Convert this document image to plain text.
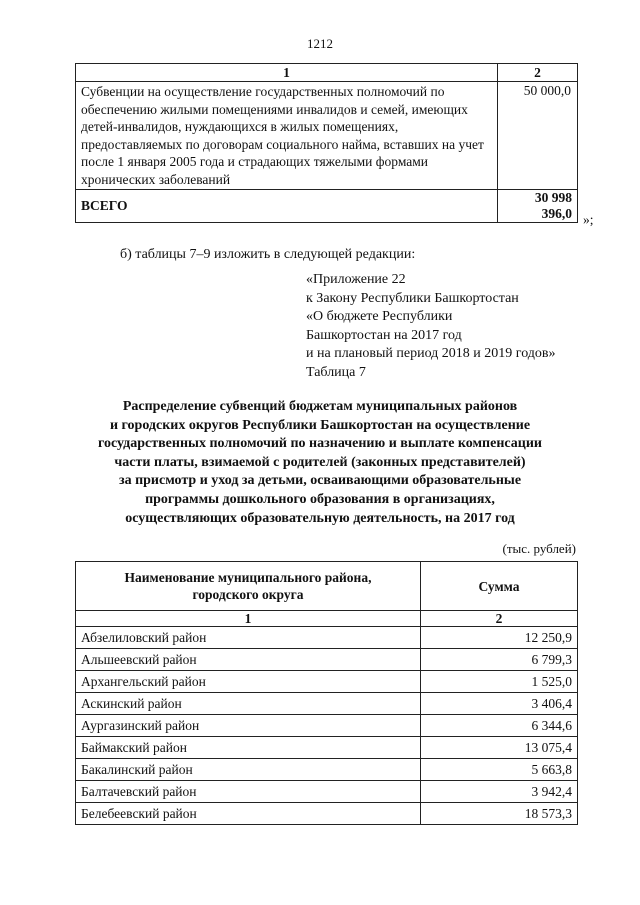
1212
1	2
Субвенции на осуществление государственных полномочий по обеспечению жилыми помещениями инвалидов и семей, имеющих детей-инвалидов, нуждающихся в жилых помещениях, предоставляемых по договорам социального найма, вставших на учет после 1 января 2005 года и страдающих тяжелыми формами хронических заболеваний	50 000,0
ВСЕГО	30 998 396,0 »;
б) таблицы 7–9 изложить в следующей редакции:
«Приложение 22
к Закону Республики Башкортостан
«О бюджете Республики
Башкортостан на 2017 год
и на плановый период 2018 и 2019 годов»
Таблица 7
Распределение субвенций бюджетам муниципальных районов
и городских округов Республики Башкортостан на осуществление
государственных полномочий по назначению и выплате компенсации
части платы, взимаемой с родителей (законных представителей)
за присмотр и уход за детьми, осваивающими образовательные
программы дошкольного образования в организациях,
осуществляющих образовательную деятельность, на 2017 год
(тыс. рублей)
Наименование муниципального района,
городского округа	Сумма
1	2
Абзелиловский район	12 250,9
Альшеевский район	6 799,3
Архангельский район	1 525,0
Аскинский район	3 406,4
Аургазинский район	6 344,6
Баймакский район	13 075,4
Бакалинский район	5 663,8
Балтачевский район	3 942,4
Белебеевский район	18 573,3
